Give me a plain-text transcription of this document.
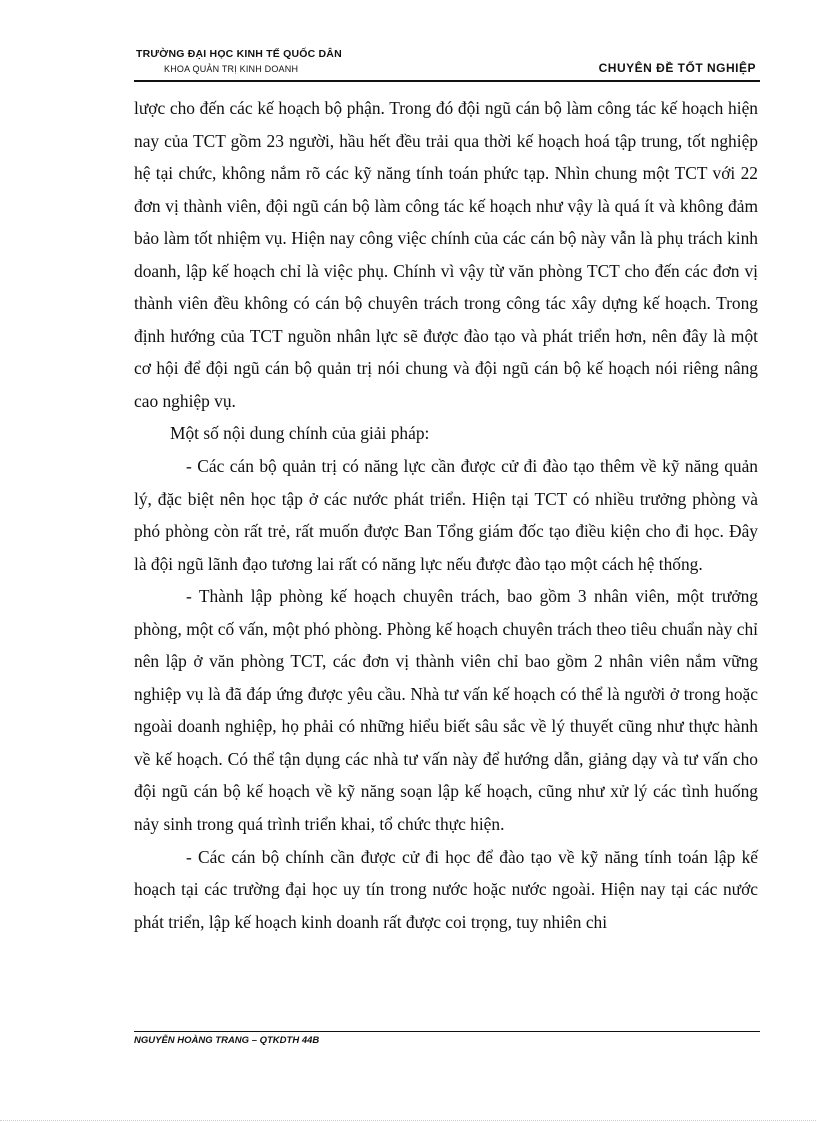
TRƯỜNG ĐẠI HỌC KINH TẾ QUỐC DÂN
KHOA QUẢN TRỊ KINH DOANH	CHUYÊN ĐỀ TỐT NGHIỆP

lược cho đến các kế hoạch bộ phận. Trong đó đội ngũ cán bộ làm công tác kế hoạch hiện nay của TCT gồm 23 người, hầu hết đều trải qua thời kế hoạch hoá tập trung, tốt nghiệp hệ tại chức, không nắm rõ các kỹ năng tính toán phức tạp. Nhìn chung một TCT với 22 đơn vị thành viên, đội ngũ cán bộ làm công tác kế hoạch như vậy là quá ít và không đảm bảo làm tốt nhiệm vụ. Hiện nay công việc chính của các cán bộ này vẫn là phụ trách kinh doanh, lập kế hoạch chỉ là việc phụ. Chính vì vậy từ văn phòng TCT cho đến các đơn vị thành viên đều không có cán bộ chuyên trách trong công tác xây dựng kế hoạch. Trong định hướng của TCT nguồn nhân lực sẽ được đào tạo và phát triển hơn, nên đây là một cơ hội để đội ngũ cán bộ quản trị nói chung và đội ngũ cán bộ kế hoạch nói riêng nâng cao nghiệp vụ.

Một số nội dung chính của giải pháp:

- Các cán bộ quản trị có năng lực cần được cử đi đào tạo thêm về kỹ năng quản lý, đặc biệt nên học tập ở các nước phát triển. Hiện tại TCT có nhiều trưởng phòng và phó phòng còn rất trẻ, rất muốn được Ban Tổng giám đốc tạo điều kiện cho đi học. Đây là đội ngũ lãnh đạo tương lai rất có năng lực nếu được đào tạo một cách hệ thống.

- Thành lập phòng kế hoạch chuyên trách, bao gồm 3 nhân viên, một trưởng phòng, một cố vấn, một phó phòng. Phòng kế hoạch chuyên trách theo tiêu chuẩn này chỉ nên lập ở văn phòng TCT, các đơn vị thành viên chỉ bao gồm 2 nhân viên nắm vững nghiệp vụ là đã đáp ứng được yêu cầu. Nhà tư vấn kế hoạch có thể là người ở trong hoặc ngoài doanh nghiệp, họ phải có những hiểu biết sâu sắc về lý thuyết cũng như thực hành về kế hoạch. Có thể tận dụng các nhà tư vấn này để hướng dẫn, giảng dạy và tư vấn cho đội ngũ cán bộ kế hoạch về kỹ năng soạn lập kế hoạch, cũng như xử lý các tình huống nảy sinh trong quá trình triển khai, tổ chức thực hiện.

- Các cán bộ chính cần được cử đi học để đào tạo về kỹ năng tính toán lập kế hoạch tại các trường đại học uy tín trong nước hoặc nước ngoài. Hiện nay tại các nước phát triển, lập kế hoạch kinh doanh rất được coi trọng, tuy nhiên chi

NGUYỄN HOÀNG TRANG – QTKDTH 44B
